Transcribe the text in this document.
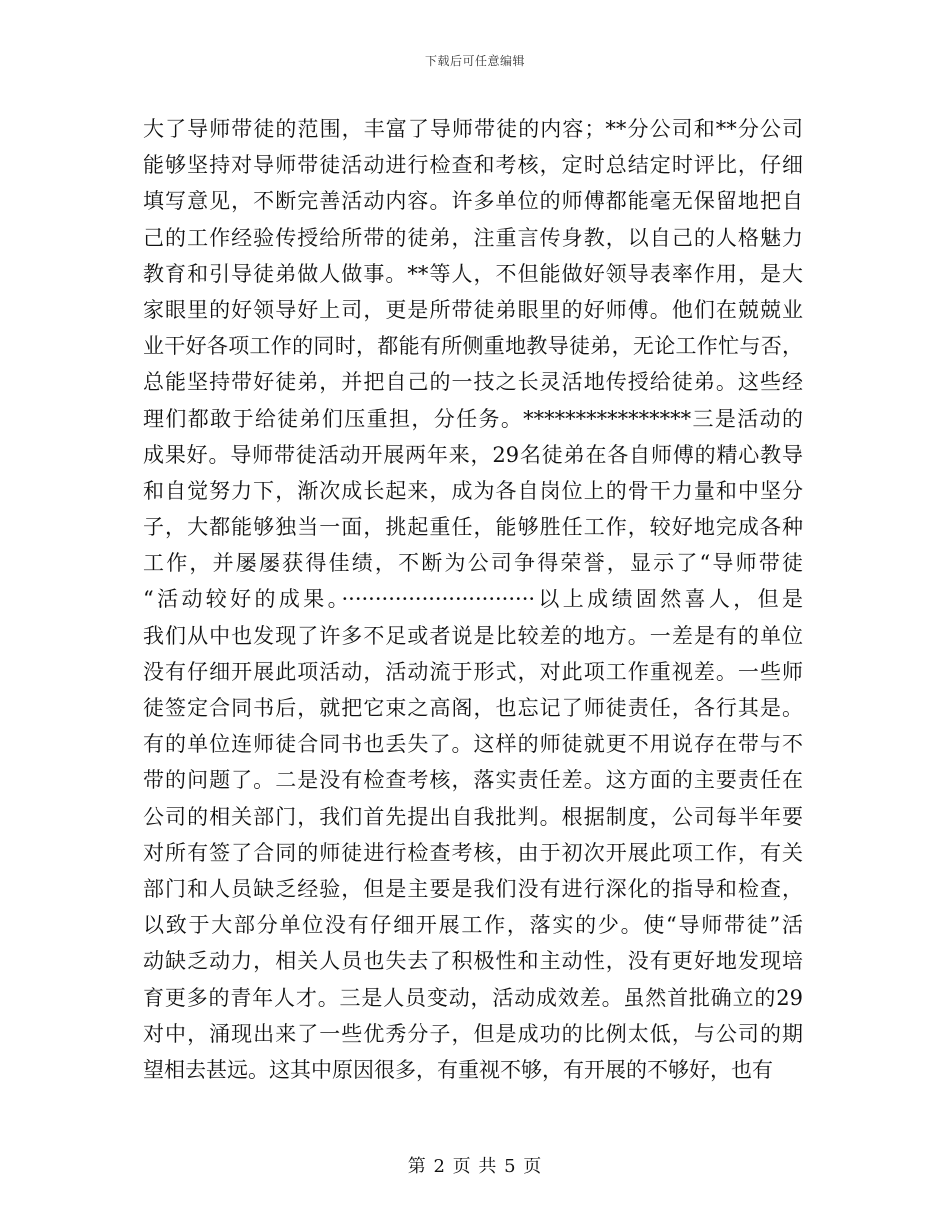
下载后可任意编辑
大了导师带徒的范围，丰富了导师带徒的内容；**分公司和**分公司
能够坚持对导师带徒活动进行检查和考核，定时总结定时评比，仔细
填写意见，不断完善活动内容。许多单位的师傅都能毫无保留地把自
己的工作经验传授给所带的徒弟，注重言传身教，以自己的人格魅力
教育和引导徒弟做人做事。**等人，不但能做好领导表率作用，是大
家眼里的好领导好上司，更是所带徒弟眼里的好师傅。他们在兢兢业
业干好各项工作的同时，都能有所侧重地教导徒弟，无论工作忙与否，
总能坚持带好徒弟，并把自己的一技之长灵活地传授给徒弟。这些经
理们都敢于给徒弟们压重担，分任务。****************三是活动的
成果好。导师带徒活动开展两年来，29名徒弟在各自师傅的精心教导
和自觉努力下，渐次成长起来，成为各自岗位上的骨干力量和中坚分
子，大都能够独当一面，挑起重任，能够胜任工作，较好地完成各种
工作，并屡屡获得佳绩，不断为公司争得荣誉，显示了“导师带徒
“活动较好的成果。·····························以上成绩固然喜人，但是
我们从中也发现了许多不足或者说是比较差的地方。一差是有的单位
没有仔细开展此项活动，活动流于形式，对此项工作重视差。一些师
徒签定合同书后，就把它束之高阁，也忘记了师徒责任，各行其是。
有的单位连师徒合同书也丢失了。这样的师徒就更不用说存在带与不
带的问题了。二是没有检查考核，落实责任差。这方面的主要责任在
公司的相关部门，我们首先提出自我批判。根据制度，公司每半年要
对所有签了合同的师徒进行检查考核，由于初次开展此项工作，有关
部门和人员缺乏经验，但是主要是我们没有进行深化的指导和检查，
以致于大部分单位没有仔细开展工作，落实的少。使“导师带徒”活
动缺乏动力，相关人员也失去了积极性和主动性，没有更好地发现培
育更多的青年人才。三是人员变动，活动成效差。虽然首批确立的29
对中，涌现出来了一些优秀分子，但是成功的比例太低，与公司的期
望相去甚远。这其中原因很多，有重视不够，有开展的不够好，也有
第 2 页 共 5 页
